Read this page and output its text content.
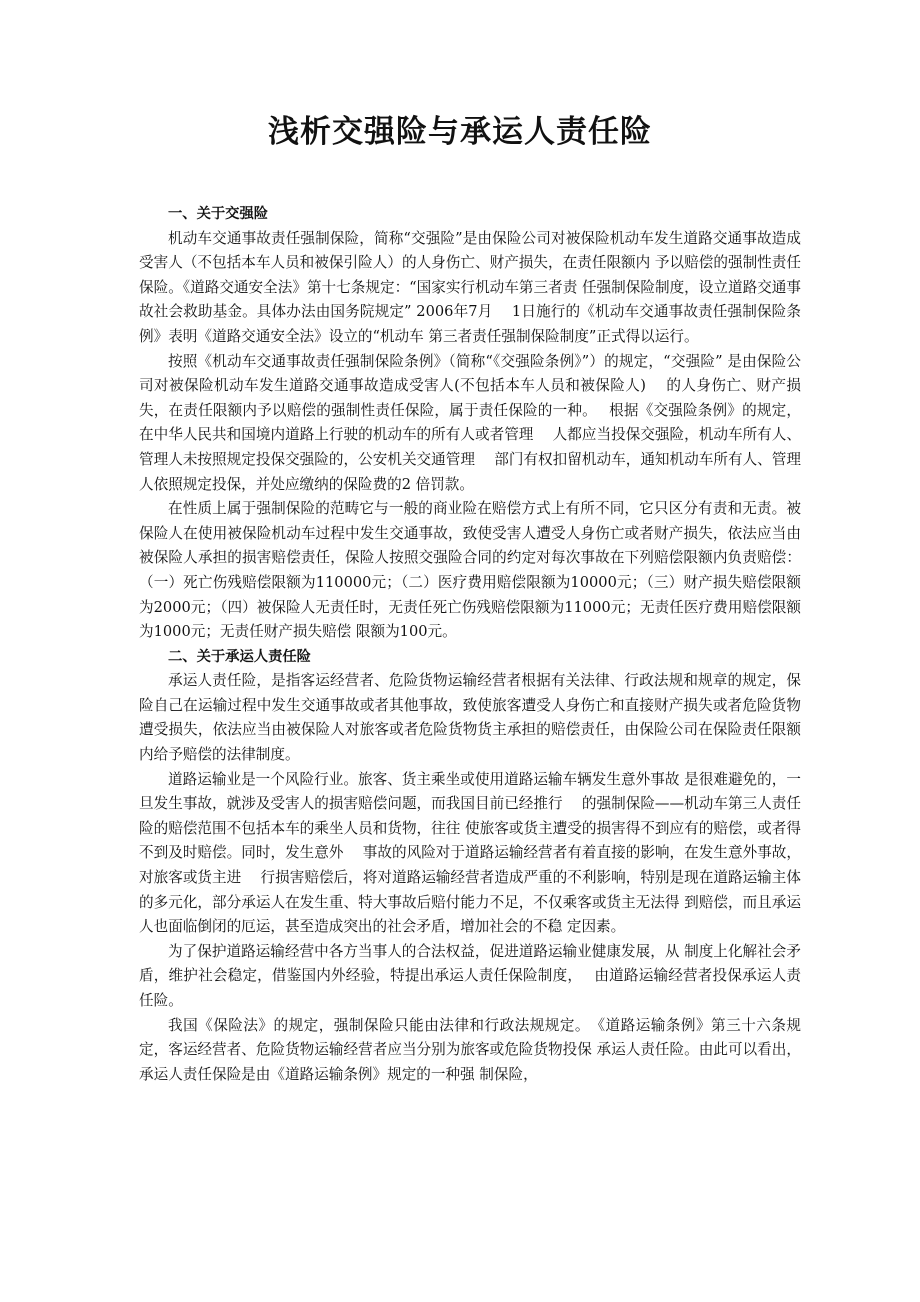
浅析交强险与承运人责任险

一、关于交强险

机动车交通事故责任强制保险，简称“交强险”是由保险公司对被保险机动车发生道路交通事故造成受害人（不包括本车人员和被保引险人）的人身伤亡、财产损失，在责任限额内 予以赔偿的强制性责任保险。《道路交通安全法》第十七条规定：“国家实行机动车第三者责 任强制保险制度，设立道路交通事故社会救助基金。具体办法由国务院规定” 2006年7月　 1日施行的《机动车交通事故责任强制保险条例》表明《道路交通安全法》设立的“机动车 第三者责任强制保险制度”正式得以运行。

按照《机动车交通事故责任强制保险条例》（简称“《交强险条例》”）的规定，“交强险” 是由保险公司对被保险机动车发生道路交通事故造成受害人(不包括本车人员和被保险人)　 的人身伤亡、财产损失，在责任限额内予以赔偿的强制性责任保险，属于责任保险的一种。　 根据《交强险条例》的规定，在中华人民共和国境内道路上行驶的机动车的所有人或者管理　 人都应当投保交强险，机动车所有人、管理人未按照规定投保交强险的，公安机关交通管理　 部门有权扣留机动车，通知机动车所有人、管理人依照规定投保，并处应缴纳的保险费的2 倍罚款。

在性质上属于强制保险的范畴它与一般的商业险在赔偿方式上有所不同，它只区分有责和无责。被保险人在使用被保险机动车过程中发生交通事故，致使受害人遭受人身伤亡或者财产损失，依法应当由被保险人承担的损害赔偿责任，保险人按照交强险合同的约定对每次事故在下列赔偿限额内负责赔偿：（一）死亡伤残赔偿限额为110000元；（二）医疗费用赔偿限额为10000元；（三）财产损失赔偿限额为2000元；（四）被保险人无责任时，无责任死亡伤残赔偿限额为11000元；无责任医疗费用赔偿限额为1000元；无责任财产损失赔偿 限额为100元。

二、关于承运人责任险

承运人责任险，是指客运经营者、危险货物运输经营者根据有关法律、行政法规和规章的规定，保险自己在运输过程中发生交通事故或者其他事故，致使旅客遭受人身伤亡和直接财产损失或者危险货物遭受损失，依法应当由被保险人对旅客或者危险货物货主承担的赔偿责任，由保险公司在保险责任限额内给予赔偿的法律制度。

道路运输业是一个风险行业。旅客、货主乘坐或使用道路运输车辆发生意外事故 是很难避免的，一旦发生事故，就涉及受害人的损害赔偿问题，而我国目前已经推行　 的强制保险——机动车第三人责任险的赔偿范围不包括本车的乘坐人员和货物，往往 使旅客或货主遭受的损害得不到应有的赔偿，或者得不到及时赔偿。同时，发生意外　 事故的风险对于道路运输经营者有着直接的影响，在发生意外事故，对旅客或货主进　 行损害赔偿后，将对道路运输经营者造成严重的不利影响，特别是现在道路运输主体 的多元化，部分承运人在发生重、特大事故后赔付能力不足，不仅乘客或货主无法得 到赔偿，而且承运人也面临倒闭的厄运，甚至造成突出的社会矛盾，增加社会的不稳 定因素。

为了保护道路运输经营中各方当事人的合法权益，促进道路运输业健康发展，从 制度上化解社会矛盾，维护社会稳定，借鉴国内外经验，特提出承运人责任保险制度，　 由道路运输经营者投保承运人责任险。

我国《保险法》的规定，强制保险只能由法律和行政法规规定。　《道路运输条例》第三十六条规定，客运经营者、危险货物运输经营者应当分别为旅客或危险货物投保 承运人责任险。由此可以看出，承运人责任保险是由《道路运输条例》规定的一种强 制保险，
